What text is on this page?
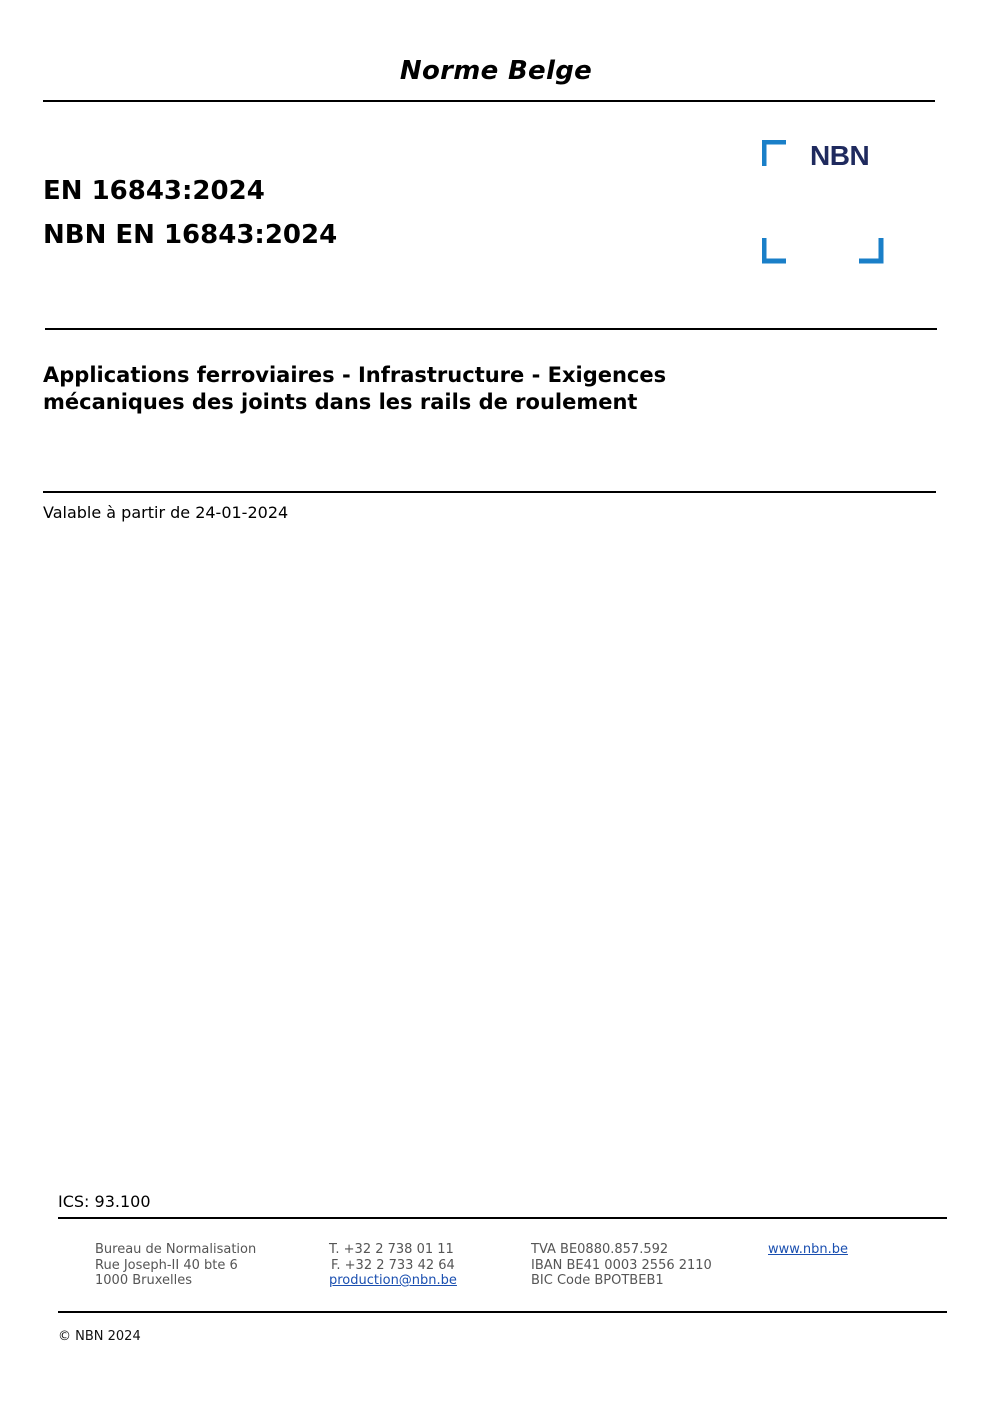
Norme Belge
EN 16843:2024
NBN EN 16843:2024
NBN
Applications ferroviaires - Infrastructure - Exigences
mécaniques des joints dans les rails de roulement
Valable à partir de 24-01-2024
ICS: 93.100
Bureau de Normalisation
Rue Joseph-II 40 bte 6
1000 Bruxelles
T. +32 2 738 01 11
F. +32 2 733 42 64
production@nbn.be
TVA BE0880.857.592
IBAN BE41 0003 2556 2110
BIC Code BPOTBEB1
www.nbn.be
© NBN 2024
